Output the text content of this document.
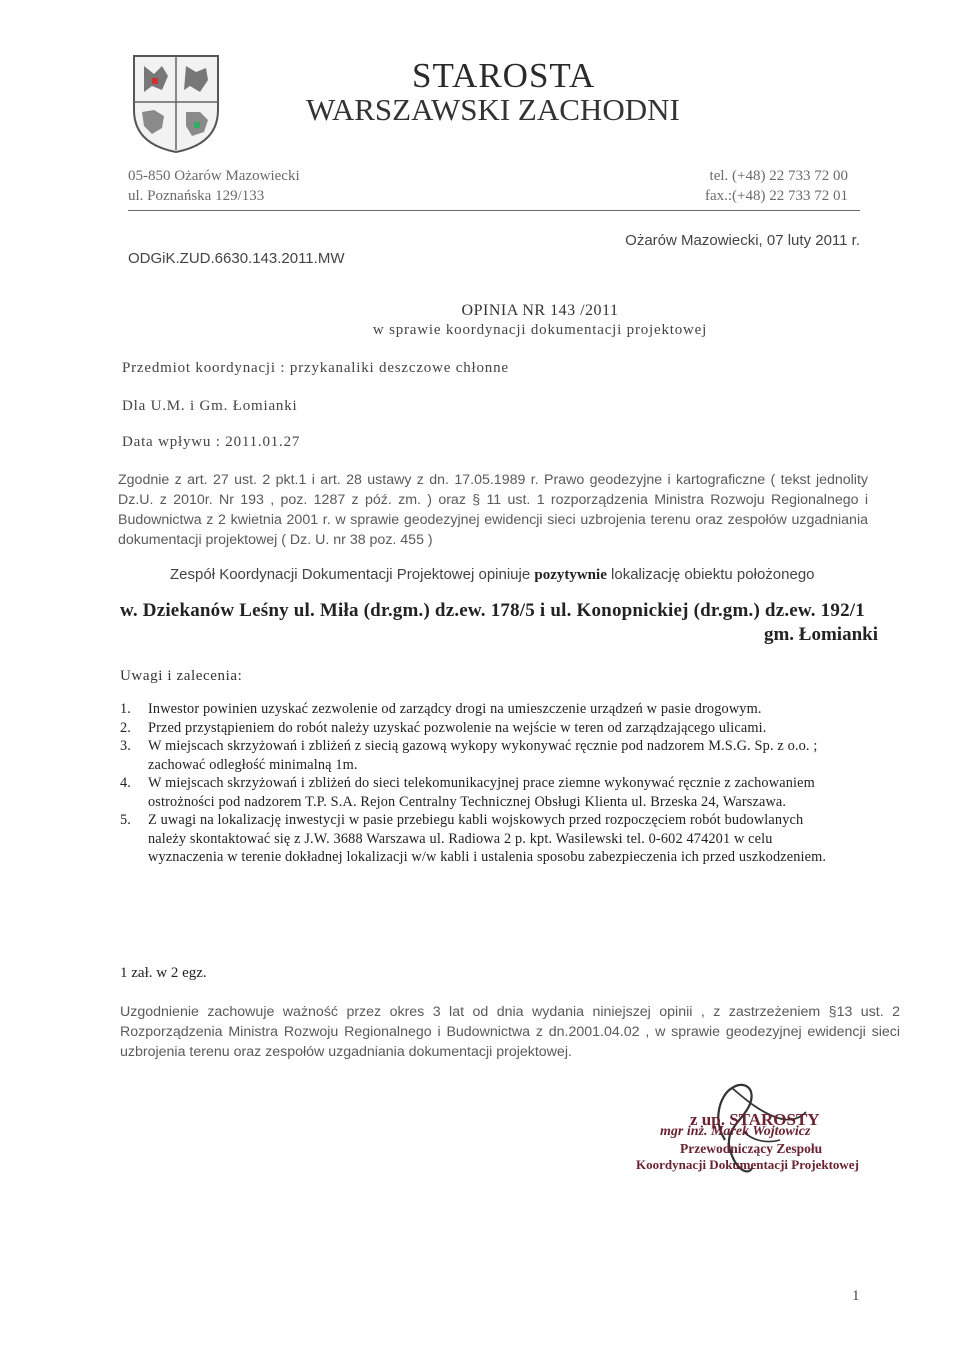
STAROSTA
WARSZAWSKI ZACHODNI
05-850 Ożarów Mazowiecki
ul. Poznańska 129/133
tel. (+48) 22 733 72 00
fax.:(+48) 22 733 72 01
Ożarów Mazowiecki, 07 luty 2011 r.
ODGiK.ZUD.6630.143.2011.MW
OPINIA NR 143 /2011
w sprawie koordynacji dokumentacji projektowej
Przedmiot koordynacji : przykanaliki deszczowe chłonne
Dla U.M. i Gm. Łomianki
Data wpływu : 2011.01.27
Zgodnie z art. 27 ust. 2 pkt.1 i art. 28 ustawy z dn. 17.05.1989 r. Prawo geodezyjne i kartograficzne ( tekst jednolity Dz.U. z 2010r. Nr 193 , poz. 1287 z póź. zm. ) oraz § 11 ust. 1 rozporządzenia Ministra Rozwoju Regionalnego i Budownictwa z 2 kwietnia 2001 r. w sprawie geodezyjnej ewidencji sieci uzbrojenia terenu oraz zespołów uzgadniania dokumentacji projektowej ( Dz. U. nr 38 poz. 455 )
Zespół Koordynacji Dokumentacji Projektowej opiniuje pozytywnie lokalizację obiektu położonego
w. Dziekanów Leśny ul. Miła (dr.gm.) dz.ew. 178/5 i ul. Konopnickiej (dr.gm.) dz.ew. 192/1
gm. Łomianki
Uwagi i zalecenia:
1.	Inwestor powinien uzyskać zezwolenie od zarządcy drogi na umieszczenie urządzeń w pasie drogowym.
2.	Przed przystąpieniem do robót należy uzyskać pozwolenie na wejście w teren od zarządzającego ulicami.
3.	W miejscach skrzyżowań i zbliżeń z siecią gazową wykopy wykonywać ręcznie pod nadzorem M.S.G. Sp. z o.o. ; zachować odległość minimalną 1m.
4.	W miejscach skrzyżowań i zbliżeń do sieci telekomunikacyjnej prace ziemne wykonywać ręcznie z zachowaniem ostrożności pod nadzorem T.P. S.A. Rejon Centralny Technicznej Obsługi Klienta ul. Brzeska 24, Warszawa.
5.	Z uwagi na lokalizację inwestycji w pasie przebiegu kabli wojskowych przed rozpoczęciem robót budowlanych należy skontaktować się z J.W. 3688 Warszawa ul. Radiowa 2 p. kpt. Wasilewski tel. 0-602 474201 w celu wyznaczenia w terenie dokładnej lokalizacji w/w kabli i ustalenia sposobu zabezpieczenia ich przed uszkodzeniem.
1 zał. w 2 egz.
Uzgodnienie zachowuje ważność przez okres 3 lat od dnia wydania niniejszej opinii , z zastrzeżeniem §13 ust. 2 Rozporządzenia Ministra Rozwoju Regionalnego i Budownictwa z dn.2001.04.02 , w sprawie geodezyjnej ewidencji sieci uzbrojenia terenu oraz zespołów uzgadniania dokumentacji projektowej.
z up. STAROSTY
mgr inż. Marek Wojtowicz
Przewodniczący Zespołu
Koordynacji Dokumentacji Projektowej
1
